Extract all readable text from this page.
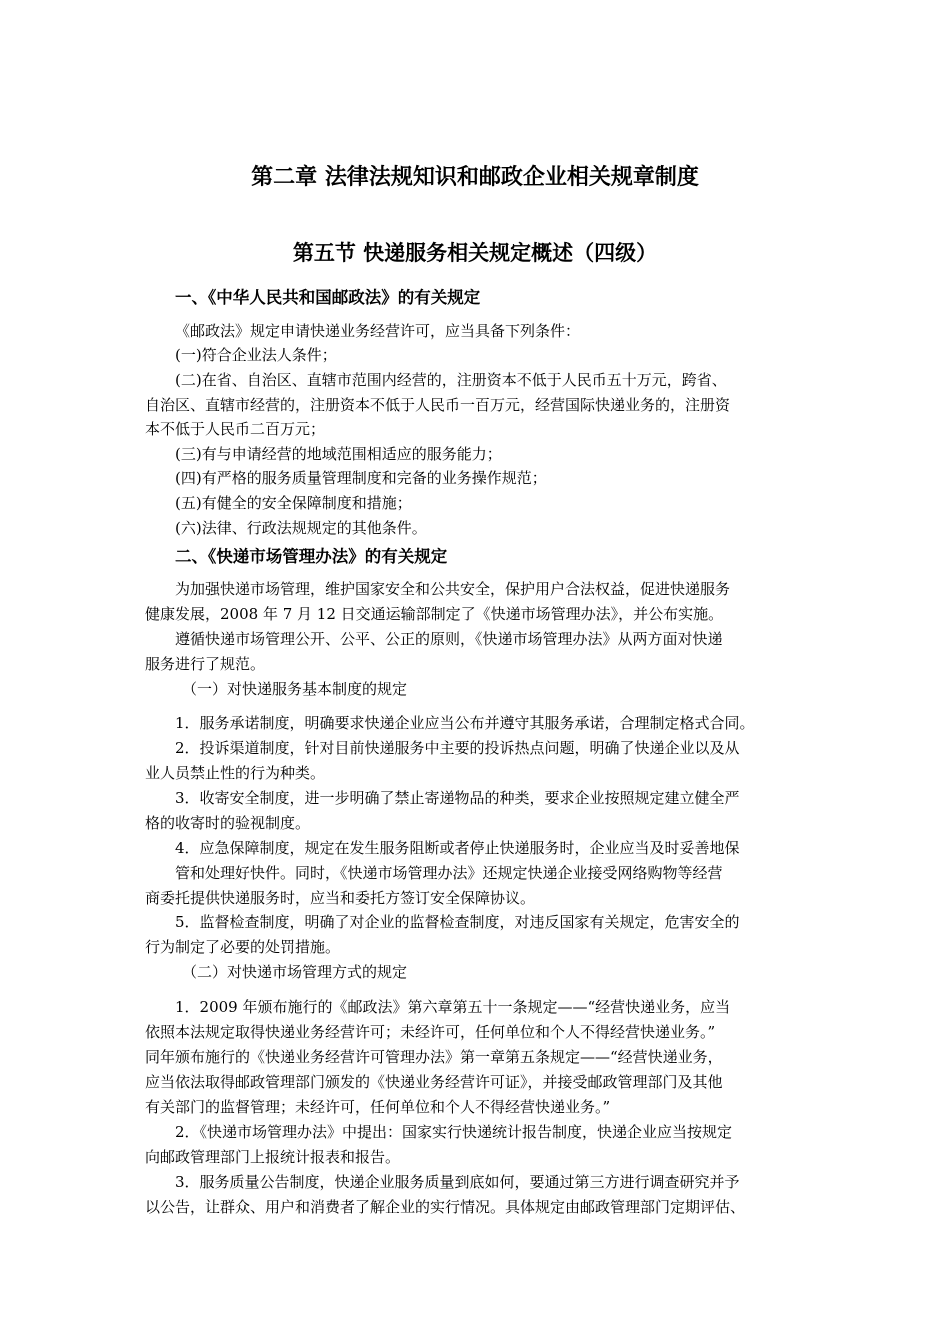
第二章 法律法规知识和邮政企业相关规章制度
第五节 快递服务相关规定概述（四级）
一、《中华人民共和国邮政法》的有关规定
《邮政法》规定申请快递业务经营许可，应当具备下列条件：
(一)符合企业法人条件；
(二)在省、自治区、直辖市范围内经营的，注册资本不低于人民币五十万元，跨省、
自治区、直辖市经营的，注册资本不低于人民币一百万元，经营国际快递业务的，注册资
本不低于人民币二百万元；
(三)有与申请经营的地域范围相适应的服务能力；
(四)有严格的服务质量管理制度和完备的业务操作规范；
(五)有健全的安全保障制度和措施；
(六)法律、行政法规规定的其他条件。
二、《快递市场管理办法》的有关规定
为加强快递市场管理，维护国家安全和公共安全，保护用户合法权益，促进快递服务
健康发展，2008 年 7 月 12 日交通运输部制定了《快递市场管理办法》，并公布实施。
遵循快递市场管理公开、公平、公正的原则，《快递市场管理办法》从两方面对快递
服务进行了规范。
（一）对快递服务基本制度的规定
1．服务承诺制度，明确要求快递企业应当公布并遵守其服务承诺，合理制定格式合同。
2．投诉渠道制度，针对目前快递服务中主要的投诉热点问题，明确了快递企业以及从
业人员禁止性的行为种类。
3．收寄安全制度，进一步明确了禁止寄递物品的种类，要求企业按照规定建立健全严
格的收寄时的验视制度。
4．应急保障制度，规定在发生服务阻断或者停止快递服务时，企业应当及时妥善地保
管和处理好快件。同时，《快递市场管理办法》还规定快递企业接受网络购物等经营
商委托提供快递服务时，应当和委托方签订安全保障协议。
5．监督检查制度，明确了对企业的监督检查制度，对违反国家有关规定，危害安全的
行为制定了必要的处罚措施。
（二）对快递市场管理方式的规定
1．2009 年颁布施行的《邮政法》第六章第五十一条规定——“经营快递业务，应当
依照本法规定取得快递业务经营许可；未经许可，任何单位和个人不得经营快递业务。”
同年颁布施行的《快递业务经营许可管理办法》第一章第五条规定——“经营快递业务，
应当依法取得邮政管理部门颁发的《快递业务经营许可证》，并接受邮政管理部门及其他
有关部门的监督管理；未经许可，任何单位和个人不得经营快递业务。”
2．《快递市场管理办法》中提出：国家实行快递统计报告制度，快递企业应当按规定
向邮政管理部门上报统计报表和报告。
3．服务质量公告制度，快递企业服务质量到底如何，要通过第三方进行调查研究并予
以公告，让群众、用户和消费者了解企业的实行情况。具体规定由邮政管理部门定期评估、
